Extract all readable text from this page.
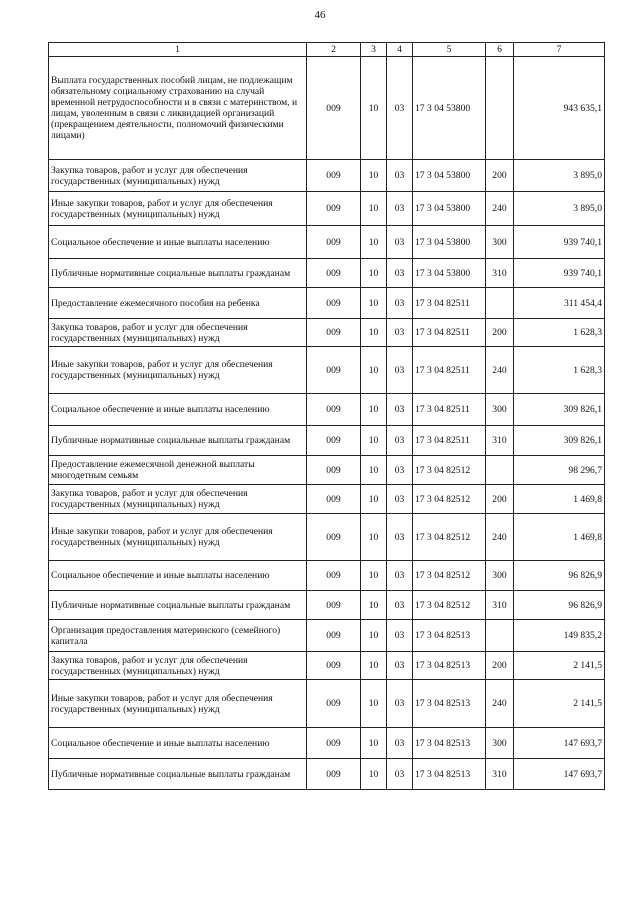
46
1	2	3	4	5	6	7
Выплата государственных пособий лицам, не подлежащим обязательному социальному страхованию на случай временной нетрудоспособности и в связи с материнством, и лицам, уволенным в связи с ликвидацией организаций (прекращением деятельности, полномочий физическими лицами)	009	10	03	17 3 04 53800		943 635,1
Закупка товаров, работ и услуг для обеспечения государственных (муниципальных) нужд	009	10	03	17 3 04 53800	200	3 895,0
Иные закупки товаров, работ и услуг для обеспечения государственных (муниципальных) нужд	009	10	03	17 3 04 53800	240	3 895,0
Социальное обеспечение и иные выплаты населению	009	10	03	17 3 04 53800	300	939 740,1
Публичные нормативные социальные выплаты гражданам	009	10	03	17 3 04 53800	310	939 740,1
Предоставление ежемесячного пособия на ребенка	009	10	03	17 3 04 82511		311 454,4
Закупка товаров, работ и услуг для обеспечения государственных (муниципальных) нужд	009	10	03	17 3 04 82511	200	1 628,3
Иные закупки товаров, работ и услуг для обеспечения государственных (муниципальных) нужд	009	10	03	17 3 04 82511	240	1 628,3
Социальное обеспечение и иные выплаты населению	009	10	03	17 3 04 82511	300	309 826,1
Публичные нормативные социальные выплаты гражданам	009	10	03	17 3 04 82511	310	309 826,1
Предоставление ежемесячной денежной выплаты многодетным семьям	009	10	03	17 3 04 82512		98 296,7
Закупка товаров, работ и услуг для обеспечения государственных (муниципальных) нужд	009	10	03	17 3 04 82512	200	1 469,8
Иные закупки товаров, работ и услуг для обеспечения государственных (муниципальных) нужд	009	10	03	17 3 04 82512	240	1 469,8
Социальное обеспечение и иные выплаты населению	009	10	03	17 3 04 82512	300	96 826,9
Публичные нормативные социальные выплаты гражданам	009	10	03	17 3 04 82512	310	96 826,9
Организация предоставления материнского (семейного) капитала	009	10	03	17 3 04 82513		149 835,2
Закупка товаров, работ и услуг для обеспечения государственных (муниципальных) нужд	009	10	03	17 3 04 82513	200	2 141,5
Иные закупки товаров, работ и услуг для обеспечения государственных (муниципальных) нужд	009	10	03	17 3 04 82513	240	2 141,5
Социальное обеспечение и иные выплаты населению	009	10	03	17 3 04 82513	300	147 693,7
Публичные нормативные социальные выплаты гражданам	009	10	03	17 3 04 82513	310	147 693,7
